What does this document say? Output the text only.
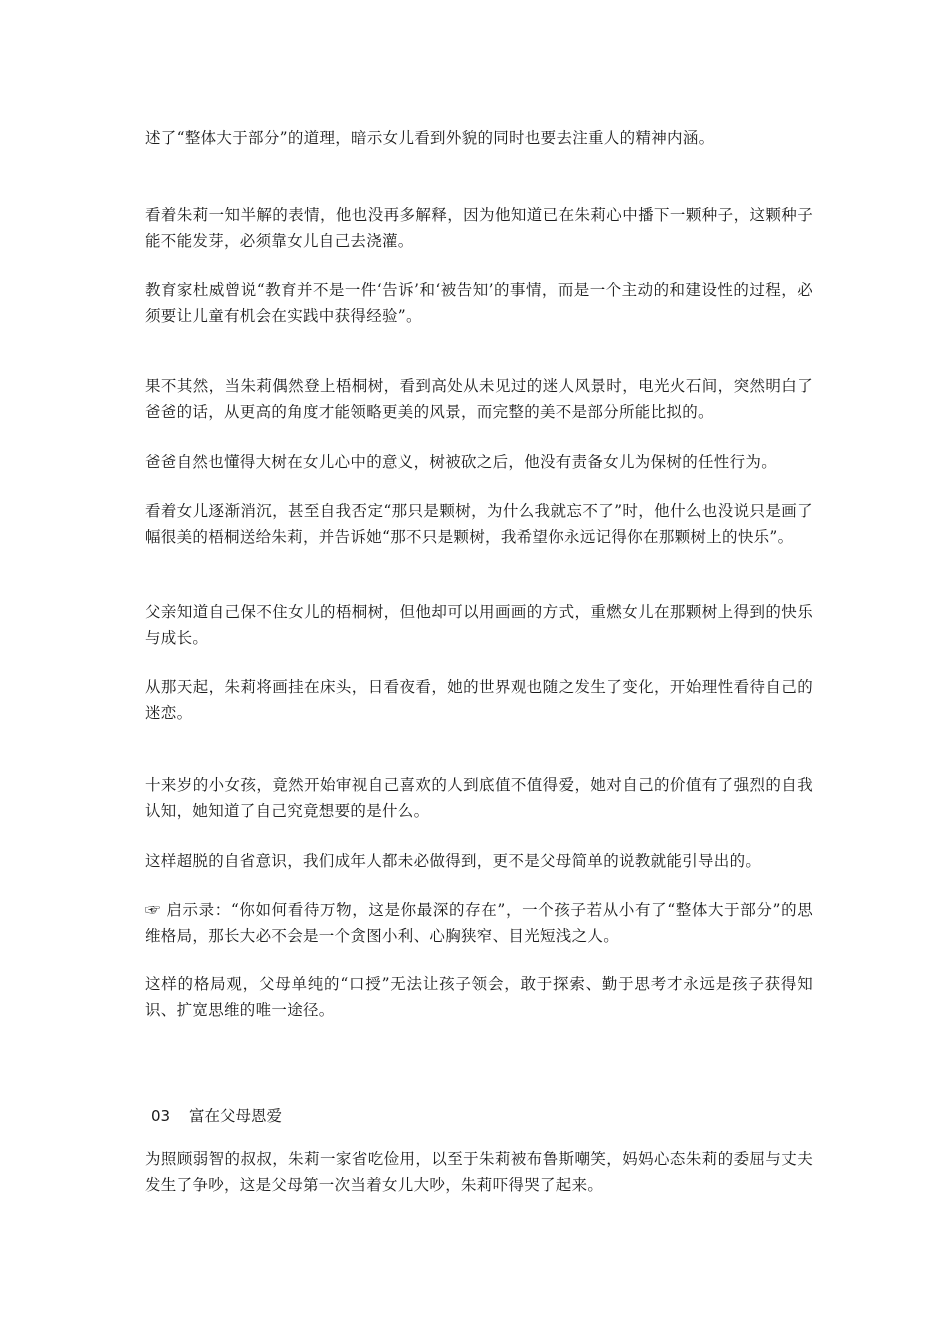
述了“整体大于部分”的道理，暗示女儿看到外貌的同时也要去注重人的精神内涵。

看着朱莉一知半解的表情，他也没再多解释，因为他知道已在朱莉心中播下一颗种子，这颗种子能不能发芽，必须靠女儿自己去浇灌。

教育家杜威曾说“教育并不是一件‘告诉’和‘被告知’的事情，而是一个主动的和建设性的过程，必须要让儿童有机会在实践中获得经验”。

果不其然，当朱莉偶然登上梧桐树，看到高处从未见过的迷人风景时，电光火石间，突然明白了爸爸的话，从更高的角度才能领略更美的风景，而完整的美不是部分所能比拟的。

爸爸自然也懂得大树在女儿心中的意义，树被砍之后，他没有责备女儿为保树的任性行为。

看着女儿逐渐消沉，甚至自我否定“那只是颗树，为什么我就忘不了”时，他什么也没说只是画了幅很美的梧桐送给朱莉，并告诉她“那不只是颗树，我希望你永远记得你在那颗树上的快乐”。

父亲知道自己保不住女儿的梧桐树，但他却可以用画画的方式，重燃女儿在那颗树上得到的快乐与成长。

从那天起，朱莉将画挂在床头，日看夜看，她的世界观也随之发生了变化，开始理性看待自己的迷恋。

十来岁的小女孩，竟然开始审视自己喜欢的人到底值不值得爱，她对自己的价值有了强烈的自我认知，她知道了自己究竟想要的是什么。

这样超脱的自省意识，我们成年人都未必做得到，更不是父母简单的说教就能引导出的。

☞ 启示录：“你如何看待万物，这是你最深的存在”，一个孩子若从小有了“整体大于部分”的思维格局，那长大必不会是一个贪图小利、心胸狭窄、目光短浅之人。

这样的格局观，父母单纯的“口授”无法让孩子领会，敢于探索、勤于思考才永远是孩子获得知识、扩宽思维的唯一途径。

03 富在父母恩爱

为照顾弱智的叔叔，朱莉一家省吃俭用，以至于朱莉被布鲁斯嘲笑，妈妈心态朱莉的委屈与丈夫发生了争吵，这是父母第一次当着女儿大吵，朱莉吓得哭了起来。
